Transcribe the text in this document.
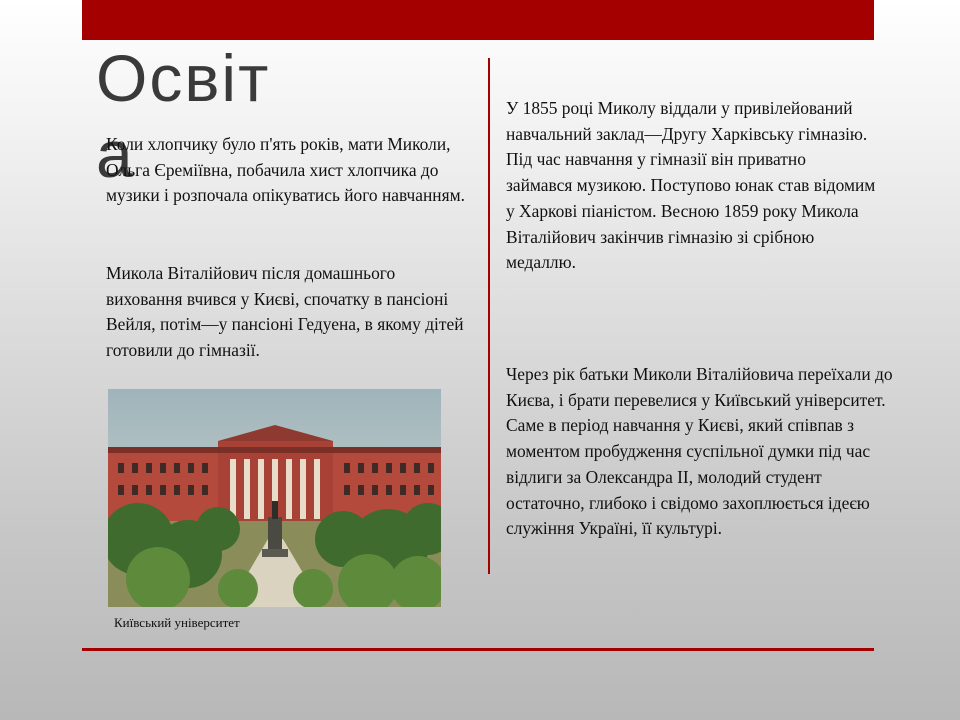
Освіта

Коли хлопчику було п'ять років, мати Миколи, Ольга Єреміївна, побачила хист хлопчика до музики і розпочала опікуватись його навчанням.

Микола Віталійович після домашнього виховання вчився у Києві, спочатку в пансіоні Вейля, потім—у пансіоні Гедуена, в якому дітей готовили до гімназії.

У 1855 році Миколу віддали у привілейований навчальний заклад—Другу Харківську гімназію. Під час навчання у гімназії він приватно займався музикою. Поступово юнак став відомим у Харкові піаністом. Весною 1859 року Микола Віталійович закінчив гімназію зі срібною медаллю.

Через рік батьки Миколи Віталійовича переїхали до Києва, і брати перевелися у Київський університет. Саме в період навчання у Києві, який співпав з моментом пробудження суспільної думки під час відлиги за Олександра II, молодий студент остаточно, глибоко і свідомо захоплюється ідеєю служіння Україні, її культурі.

Київський університет
